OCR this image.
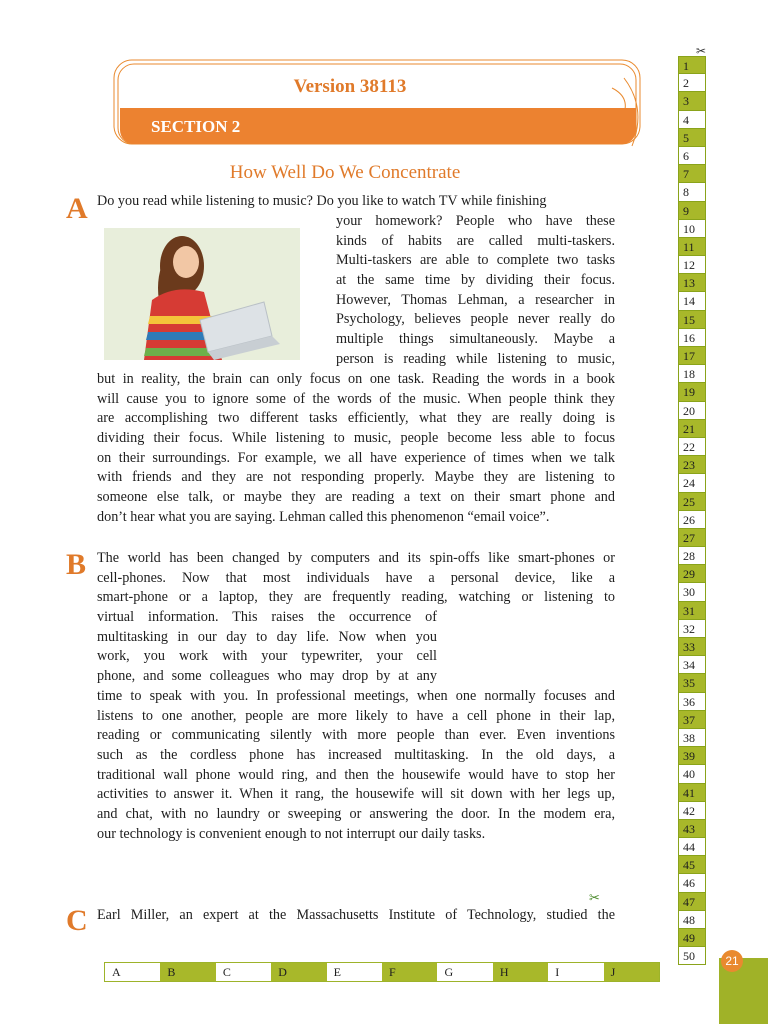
Version 38113
SECTION 2
How Well Do We Concentrate
A Do you read while listening to music? Do you like to watch TV while finishing
your homework? People who have these
kinds of habits are called multi-taskers.
Multi-taskers are able to complete two tasks
at the same time by dividing their focus.
However, Thomas Lehman, a researcher in
Psychology, believes people never really do
multiple things simultaneously. Maybe a
person is reading while listening to music,
but in reality, the brain can only focus on one task. Reading the words in a book
will cause you to ignore some of the words of the music. When people think they
are accomplishing two different tasks efficiently, what they are really doing is
dividing their focus. While listening to music, people become less able to focus
on their surroundings. For example, we all have experience of times when we talk
with friends and they are not responding properly. Maybe they are listening to
someone else talk, or maybe they are reading a text on their smart phone and
don’t hear what you are saying. Lehman called this phenomenon “email voice”.
B The world has been changed by computers and its spin-offs like smart-phones or
cell-phones. Now that most individuals have a personal device, like a
smart-phone or a laptop, they are frequently reading, watching or listening to
virtual information. This raises the occurrence of
multitasking in our day to day life. Now when you
work, you work with your typewriter, your cell
phone, and some colleagues who may drop by at any
time to speak with you. In professional meetings, when one normally focuses and
listens to one another, people are more likely to have a cell phone in their lap,
reading or communicating silently with more people than ever. Even inventions
such as the cordless phone has increased multitasking. In the old days, a
traditional wall phone would ring, and then the housewife would have to stop her
activities to answer it. When it rang, the housewife will sit down with her legs up,
and chat, with no laundry or sweeping or answering the door. In the modem era,
our technology is convenient enough to not interrupt our daily tasks.
C Earl Miller, an expert at the Massachusetts Institute of Technology, studied the
✂
1
2
3
4
5
6
7
8
9
10
11
12
13
14
15
16
17
18
19
20
21
22
23
24
25
26
27
28
29
30
31
32
33
34
35
36
37
38
39
40
41
42
43
44
45
46
47
48
49
50
✂
21
A	B	C	D	E	F	G	H	I	J
